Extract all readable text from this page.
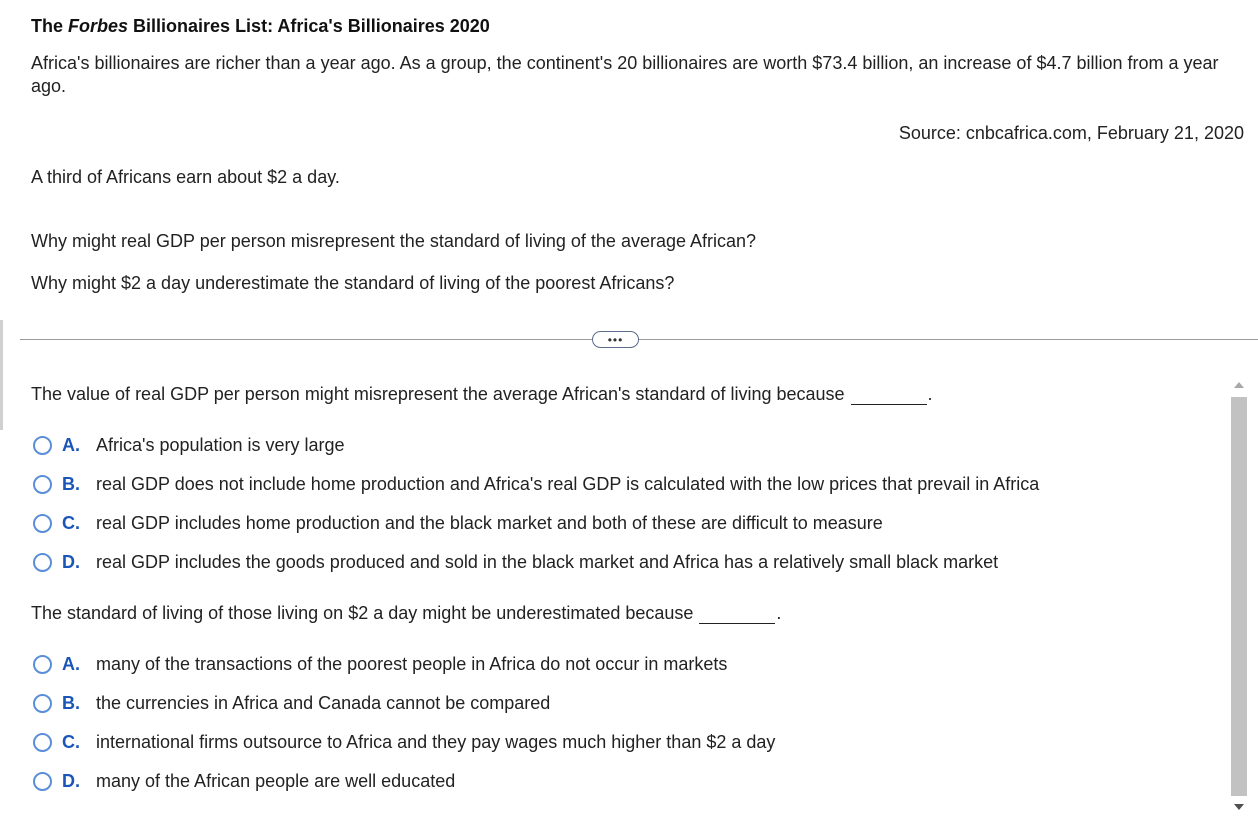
The Forbes Billionaires List: Africa's Billionaires 2020
Africa's billionaires are richer than a year ago. As a group, the continent's 20 billionaires are worth $73.4 billion, an increase of $4.7 billion from a year ago.
Source: cnbcafrica.com, February 21, 2020
A third of Africans earn about $2 a day.
Why might real GDP per person misrepresent the standard of living of the average African?
Why might $2 a day underestimate the standard of living of the poorest Africans?
•••
The value of real GDP per person might misrepresent the average African's standard of living because	.
A. Africa's population is very large
B. real GDP does not include home production and Africa's real GDP is calculated with the low prices that prevail in Africa
C. real GDP includes home production and the black market and both of these are difficult to measure
D. real GDP includes the goods produced and sold in the black market and Africa has a relatively small black market
The standard of living of those living on $2 a day might be underestimated because	.
A. many of the transactions of the poorest people in Africa do not occur in markets
B. the currencies in Africa and Canada cannot be compared
C. international firms outsource to Africa and they pay wages much higher than $2 a day
D. many of the African people are well educated
